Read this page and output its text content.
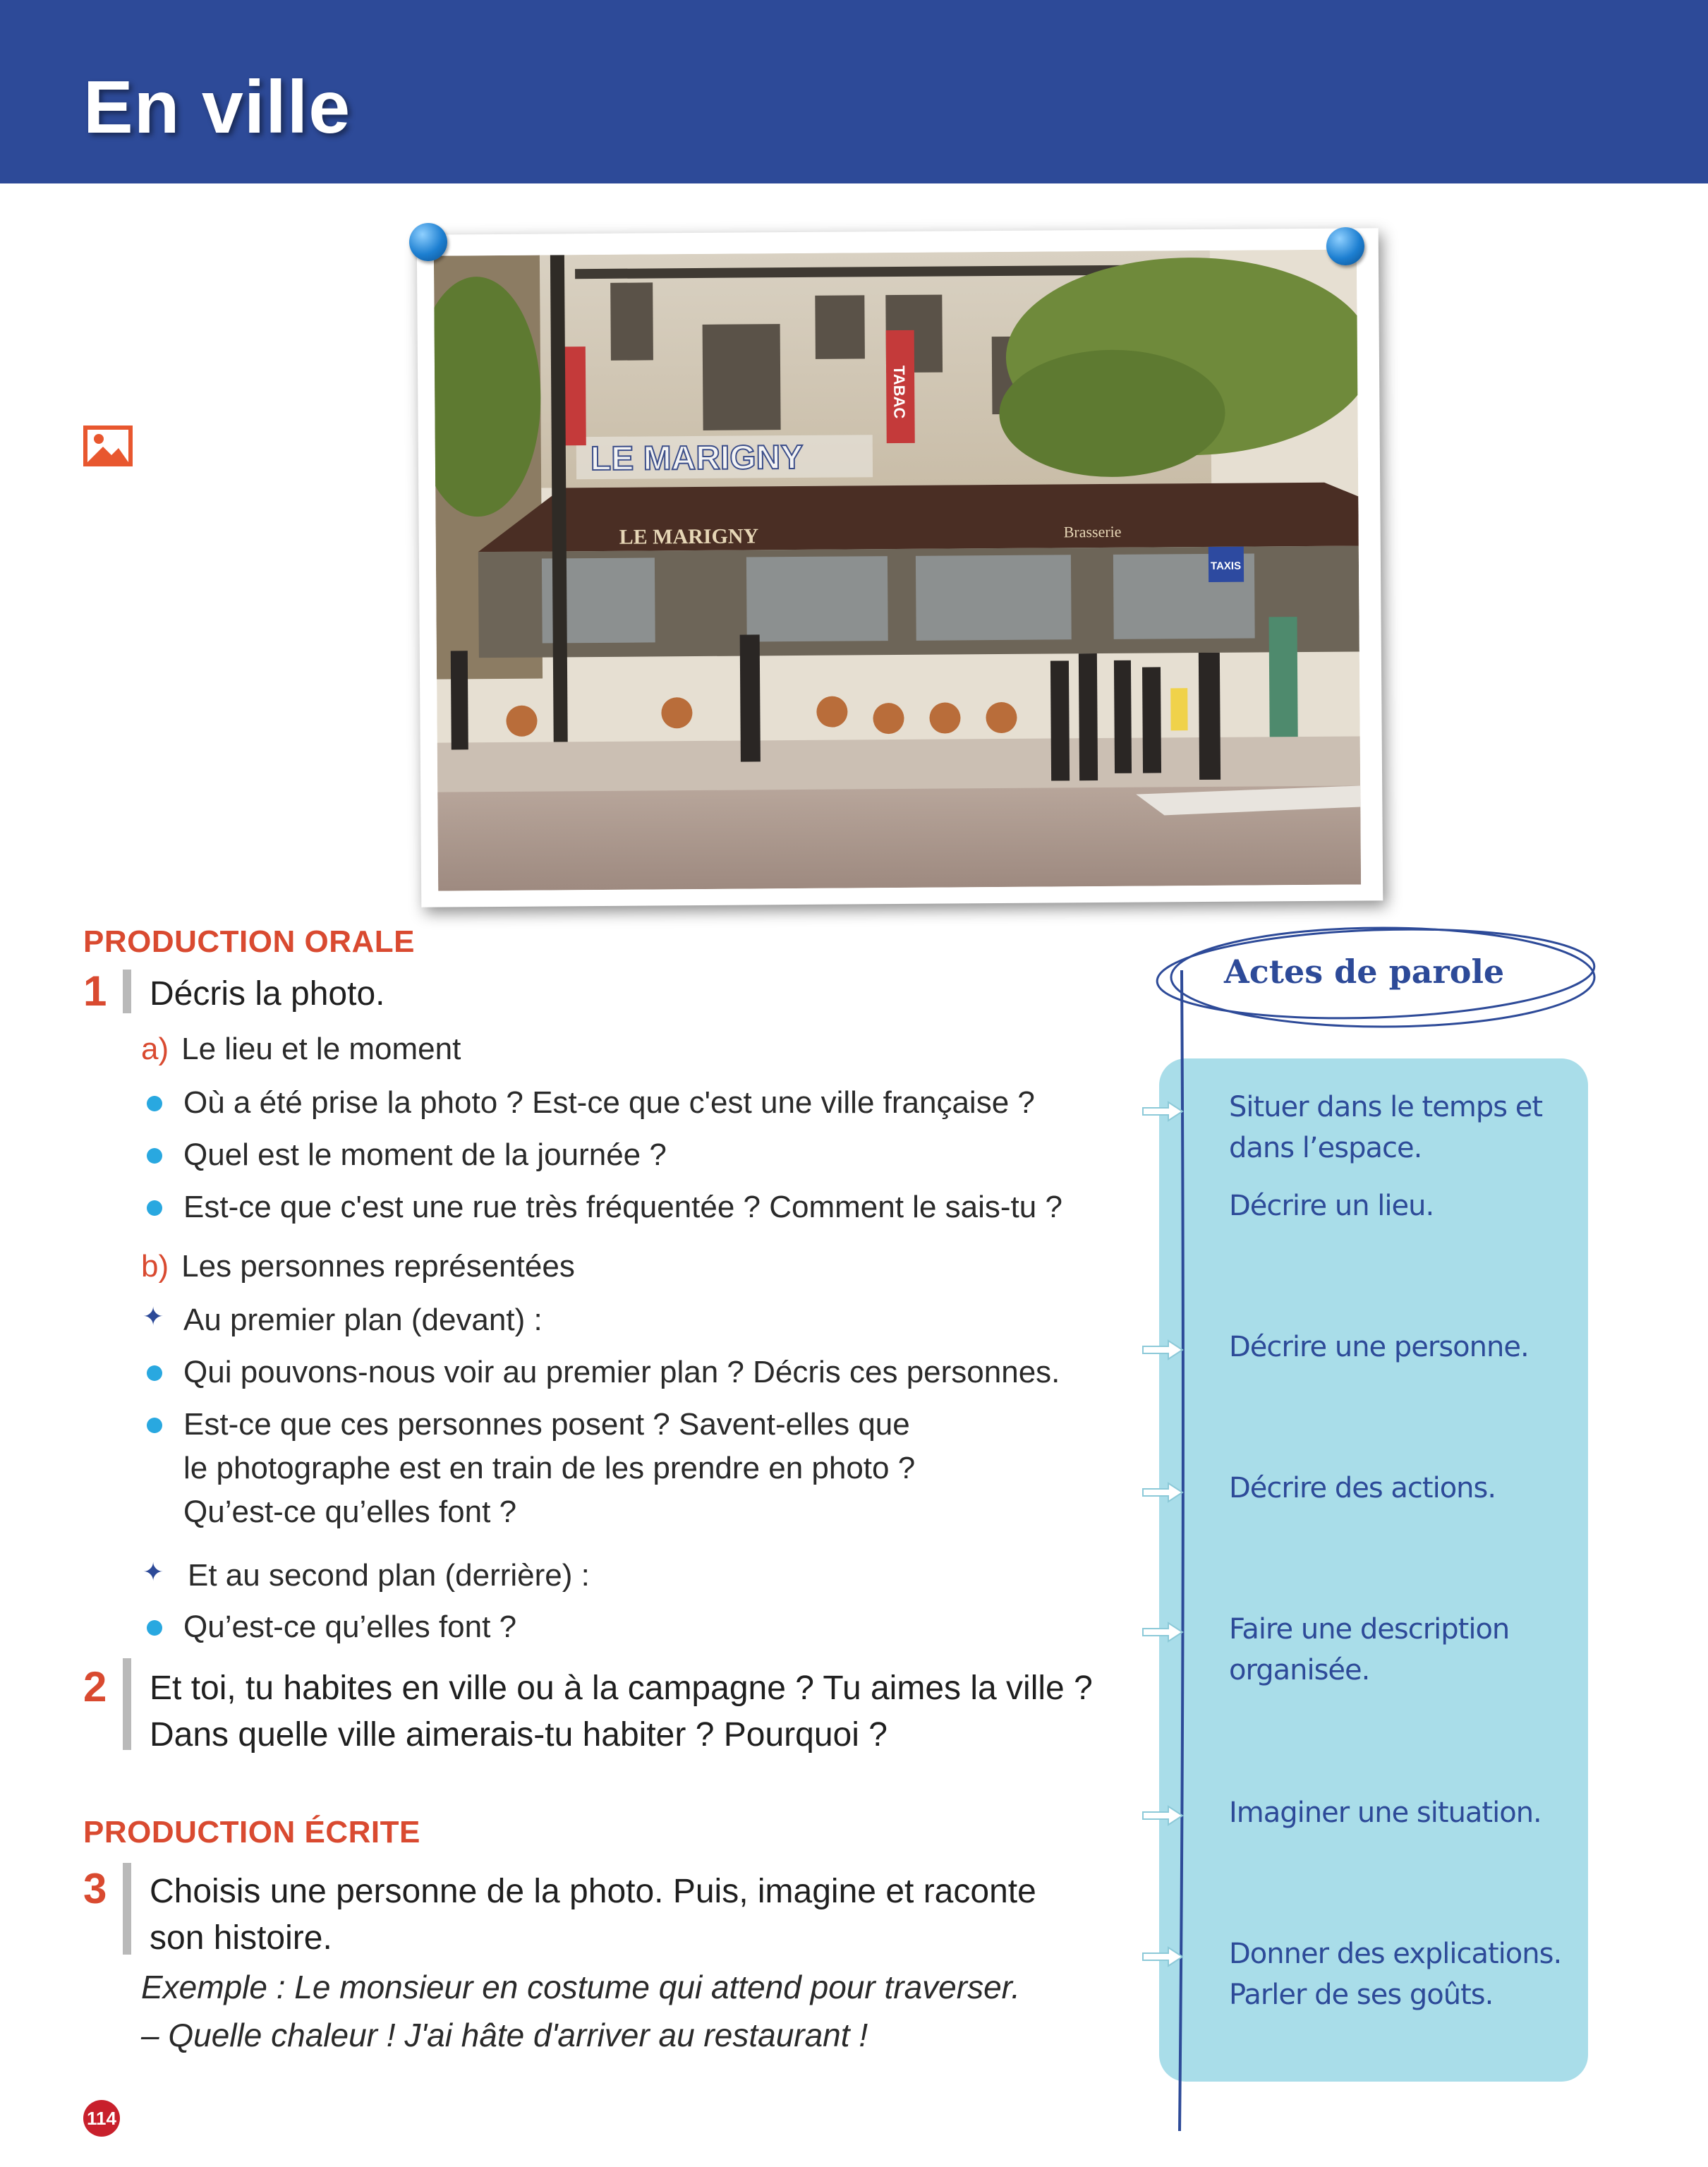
En ville
LE MARIGNY
TABAC
LE MARIGNY	Brasserie
TAXIS
PRODUCTION ORALE
1 Décris la photo.
a) Le lieu et le moment
Où a été prise la photo ? Est-ce que c'est une ville française ?
Quel est le moment de la journée ?
Est-ce que c'est une rue très fréquentée ? Comment le sais-tu ?
b) Les personnes représentées
✦ Au premier plan (devant) :
Qui pouvons-nous voir au premier plan ? Décris ces personnes.
Est-ce que ces personnes posent ? Savent-elles que
le photographe est en train de les prendre en photo ?
Qu’est-ce qu’elles font ?
✦ Et au second plan (derrière) :
Qu’est-ce qu’elles font ?
2 Et toi, tu habites en ville ou à la campagne ? Tu aimes la ville ?
Dans quelle ville aimerais-tu habiter ? Pourquoi ?
PRODUCTION ÉCRITE
3 Choisis une personne de la photo. Puis, imagine et raconte
son histoire.
Exemple : Le monsieur en costume qui attend pour traverser.
– Quelle chaleur ! J'ai hâte d'arriver au restaurant !
Actes de parole
Situer dans le temps et
dans l’espace.
Décrire un lieu.
Décrire une personne.
Décrire des actions.
Faire une description
organisée.
Imaginer une situation.
Donner des explications.
Parler de ses goûts.
114
